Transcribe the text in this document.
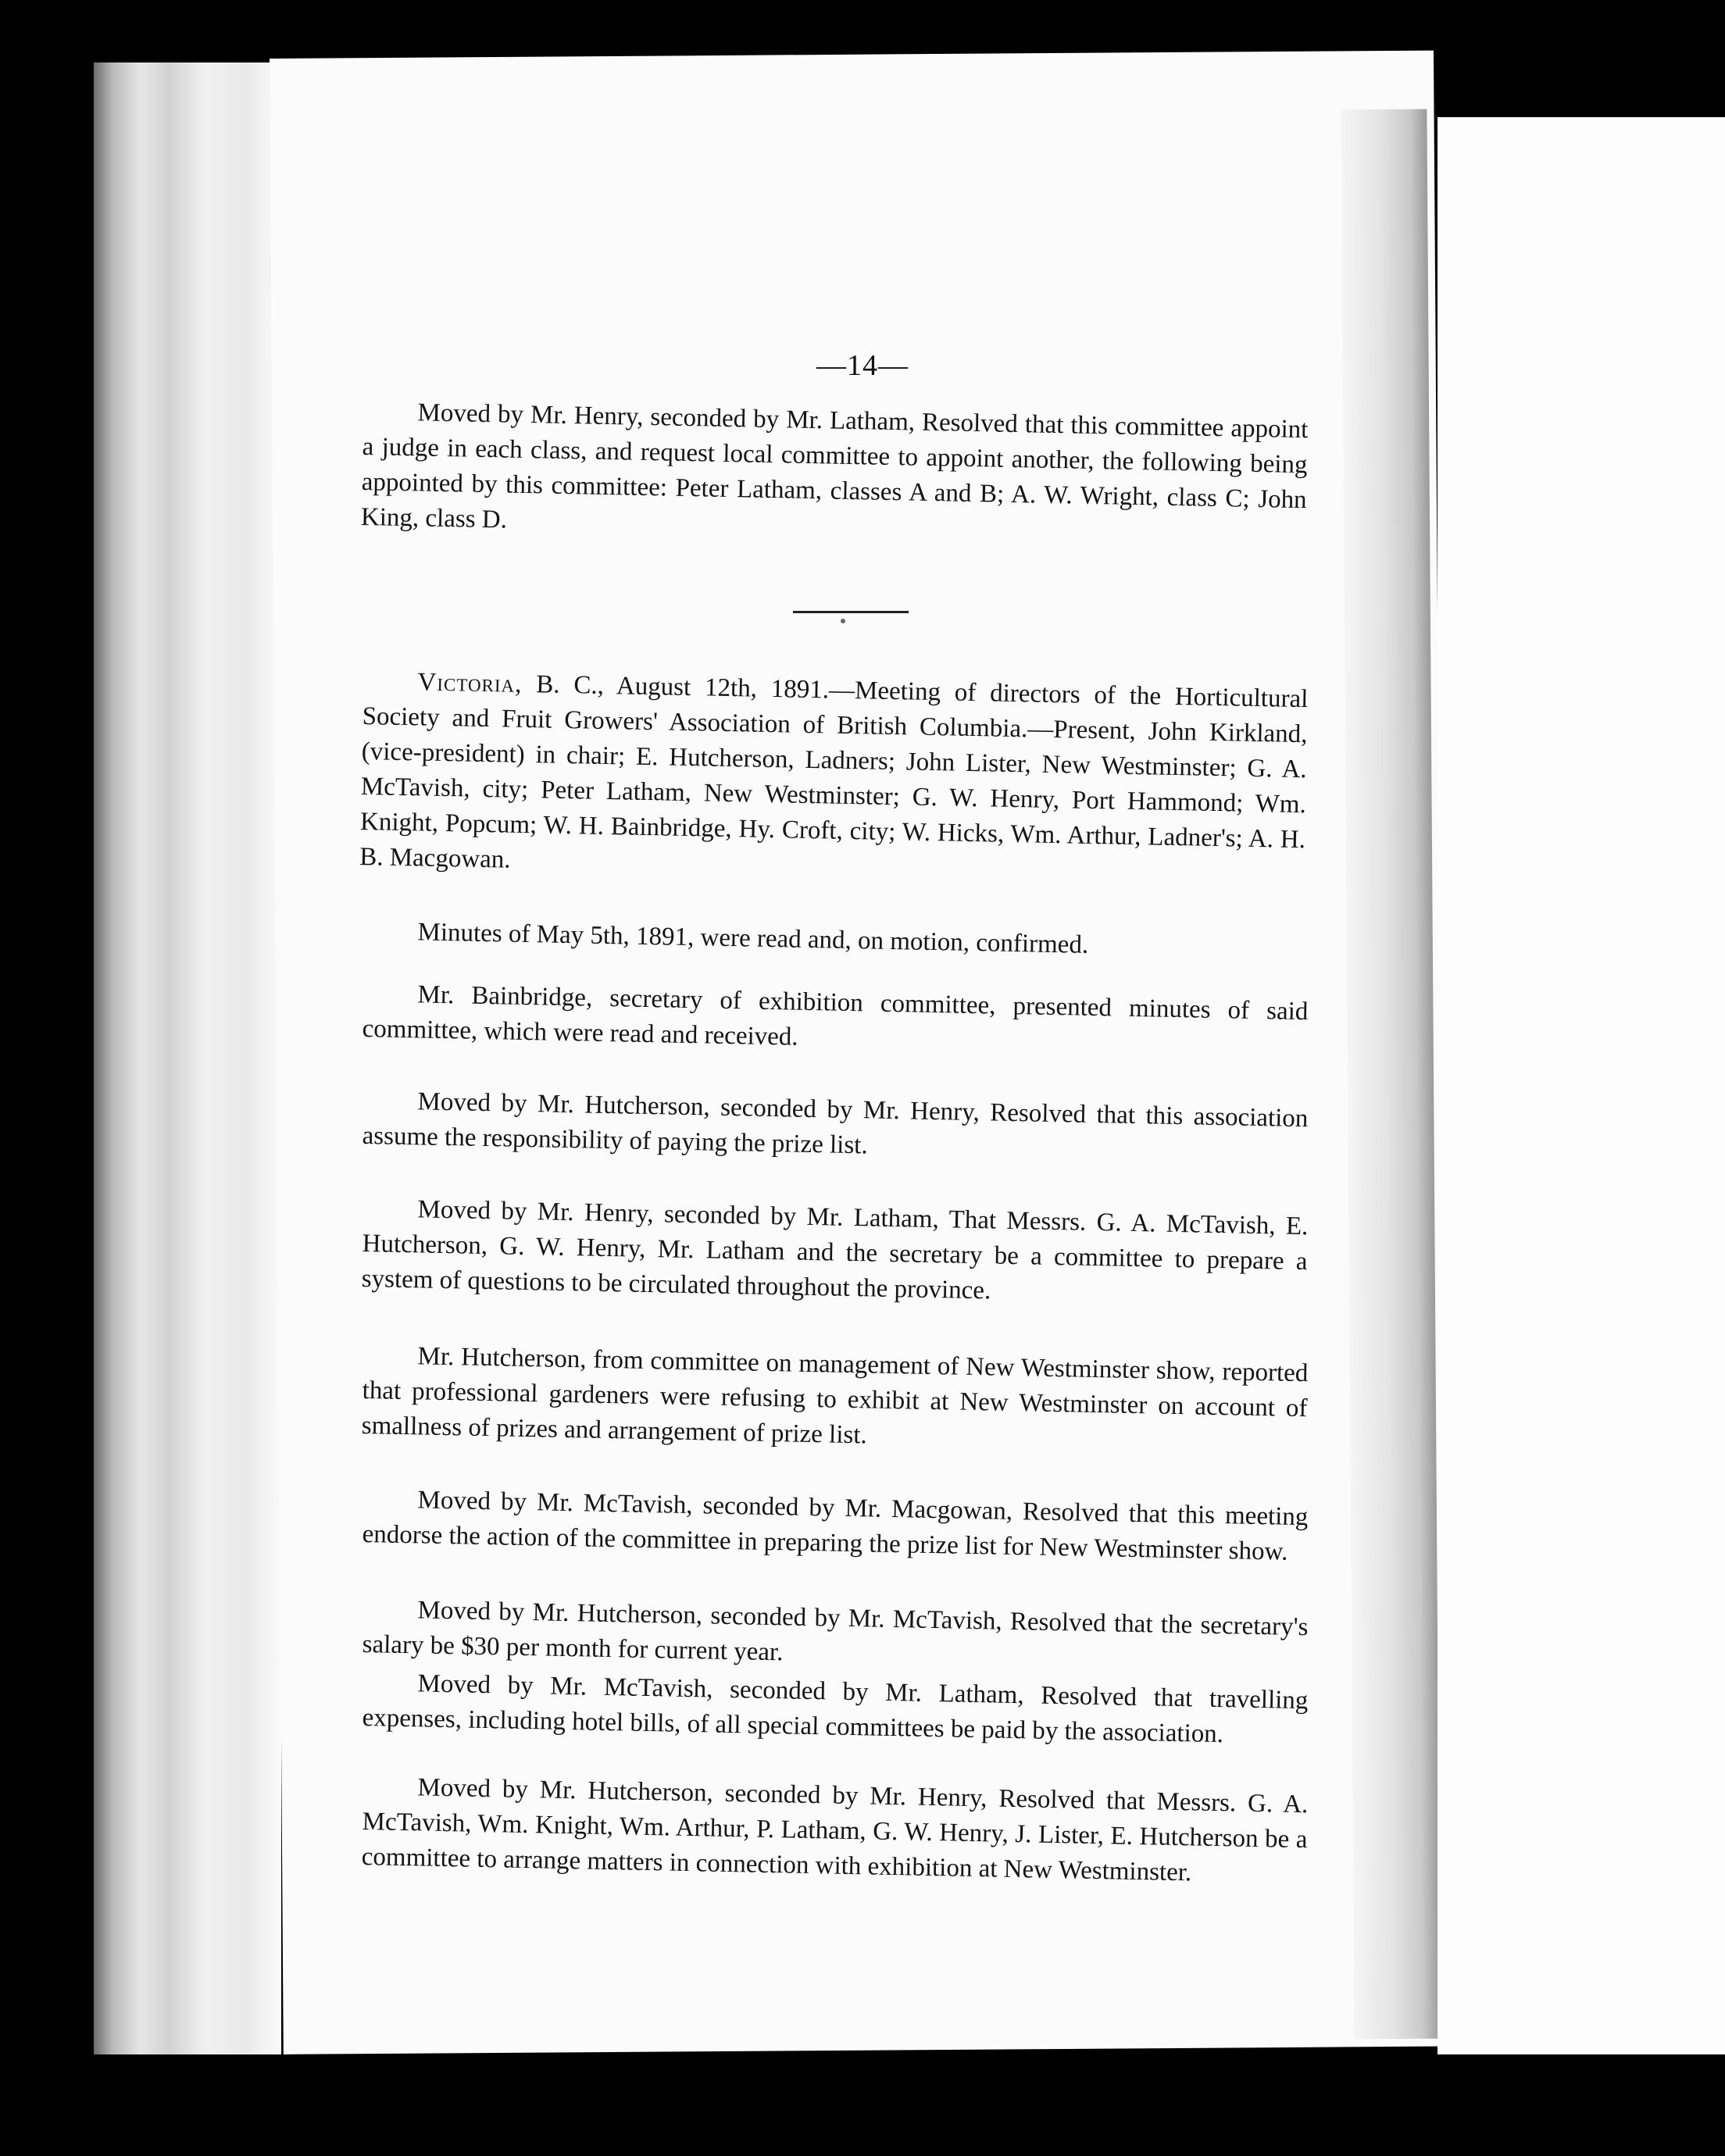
—14—

Moved by Mr. Henry, seconded by Mr. Latham, Resolved that this committee appoint a judge in each class, and request local committee to appoint another, the following being appointed by this committee: Peter Latham, classes A and B; A. W. Wright, class C; John King, class D.

Victoria, B. C., August 12th, 1891.—Meeting of directors of the Horticultural Society and Fruit Growers' Association of British Columbia.—Present, John Kirkland, (vice-president) in chair; E. Hutcherson, Ladners; John Lister, New Westminster; G. A. McTavish, city; Peter Latham, New Westminster; G. W. Henry, Port Hammond; Wm. Knight, Popcum; W. H. Bainbridge, Hy. Croft, city; W. Hicks, Wm. Arthur, Ladner's; A. H. B. Macgowan.

Minutes of May 5th, 1891, were read and, on motion, confirmed.

Mr. Bainbridge, secretary of exhibition committee, presented minutes of said committee, which were read and received.

Moved by Mr. Hutcherson, seconded by Mr. Henry, Resolved that this association assume the responsibility of paying the prize list.

Moved by Mr. Henry, seconded by Mr. Latham, That Messrs. G. A. McTavish, E. Hutcherson, G. W. Henry, Mr. Latham and the secretary be a committee to prepare a system of questions to be circulated throughout the province.

Mr. Hutcherson, from committee on management of New Westminster show, reported that professional gardeners were refusing to exhibit at New Westminster on account of smallness of prizes and arrangement of prize list.

Moved by Mr. McTavish, seconded by Mr. Macgowan, Resolved that this meeting endorse the action of the committee in preparing the prize list for New Westminster show.

Moved by Mr. Hutcherson, seconded by Mr. McTavish, Resolved that the secretary's salary be $30 per month for current year.

Moved by Mr. McTavish, seconded by Mr. Latham, Resolved that travelling expenses, including hotel bills, of all special committees be paid by the association.

Moved by Mr. Hutcherson, seconded by Mr. Henry, Resolved that Messrs. G. A. McTavish, Wm. Knight, Wm. Arthur, P. Latham, G. W. Henry, J. Lister, E. Hutcherson be a committee to arrange matters in connection with exhibition at New Westminster.
